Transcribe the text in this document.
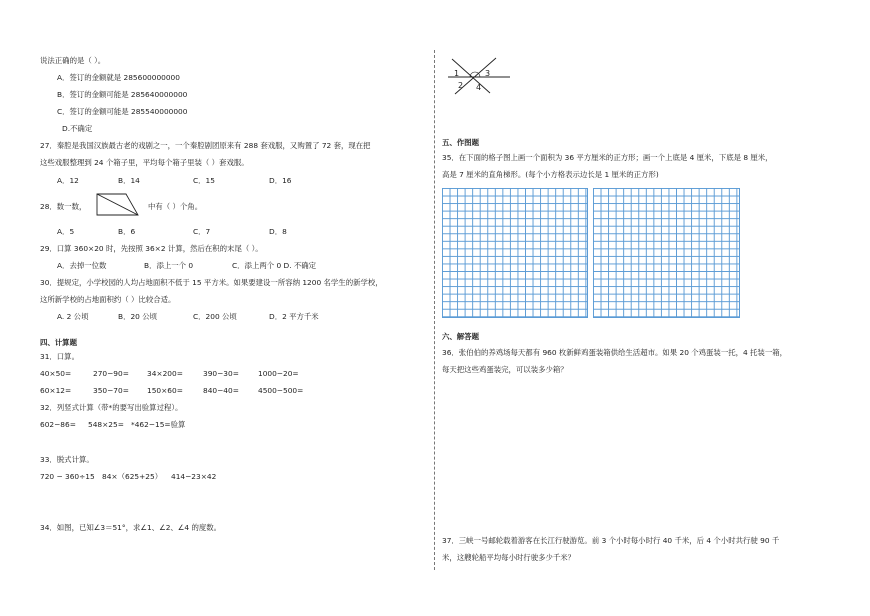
说法正确的是（ ）。
A．签订的金额就是 285600000000
B．签订的金额可能是 285640000000
C．签订的金额可能是 285540000000
D.不确定
27．秦腔是我国汉族最古老的戏剧之一，一个秦腔剧团原来有 288 套戏服，又购置了 72 套，现在把
这些戏服整理到 24 个箱子里，平均每个箱子里装（ ）套戏服。
A．12	B．14	C．15	D．16
28．数一数，	中有（ ）个角。
A．5	B．6	C．7	D．8
29．口算 360×20 时，先按照 36×2 计算，然后在积的末尾（ ）。
A．去掉一位数	B．添上一个 0	C．添上两个 0 D. 不确定
30．提规定，小学校园的人均占地面积不低于 15 平方米。如果要建设一所容纳 1200 名学生的新学校，
这所新学校的占地面积约（ ）比较合适。
A. 2 公顷	B．20 公顷	C．200 公顷	D．2 平方千米
四、计算题
31．口算。
40×50=	270−90= 34×200=	390−30=	1000−20=
60×12=	350−70= 150×60=	840−40=	4500−500=
32．列竖式计算（带*的要写出验算过程）。
602−86= 548×25= *462−15=验算
33．脱式计算。
720 − 360÷15 84×（625+25） 414−23×42
34．如图，已知∠3＝51°，求∠1、∠2、∠4 的度数。
1	3
2 4
五、作图题
35．在下面的格子图上画一个面积为 36 平方厘米的正方形；画一个上底是 4 厘米，下底是 8 厘米，
高是 7 厘米的直角梯形。(每个小方格表示边长是 1 厘米的正方形)
六、解答题
36．张伯伯的养鸡场每天都有 960 枚新鲜鸡蛋装箱供给生活超市。如果 20 个鸡蛋装一托，4 托装一箱，
每天把这些鸡蛋装完，可以装多少箱？
37．三峡一号邮轮载着游客在长江行驶游览。前 3 个小时每小时行 40 千米，后 4 个小时共行驶 90 千
米，这艘轮船平均每小时行驶多少千米？
